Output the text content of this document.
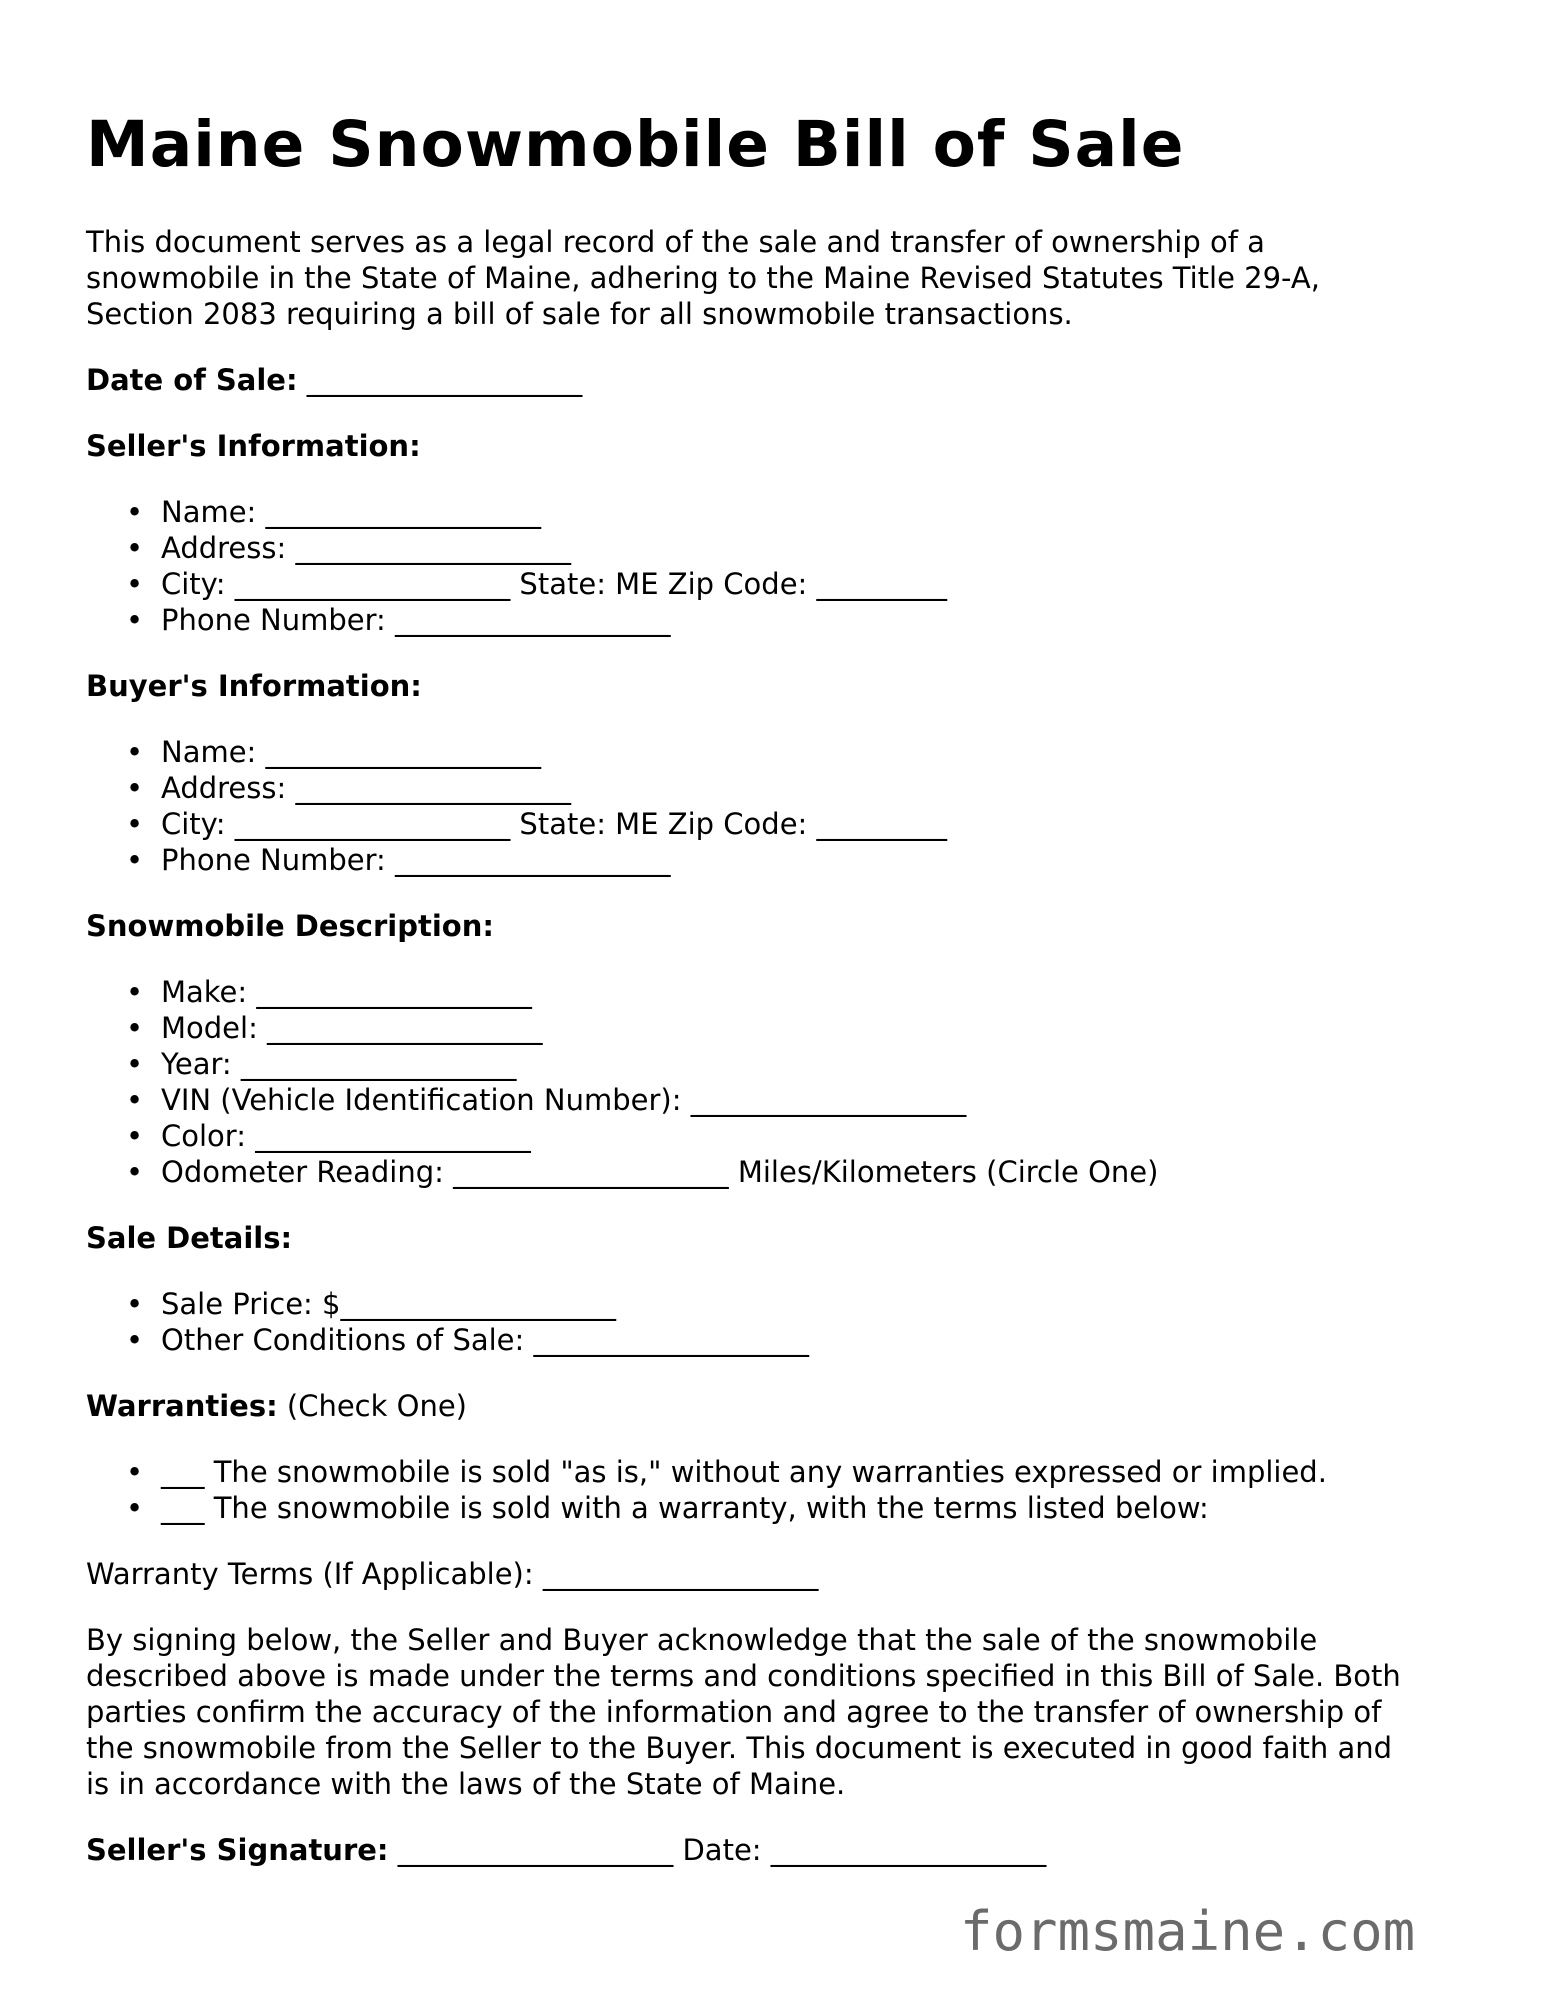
Maine Snowmobile Bill of Sale
This document serves as a legal record of the sale and transfer of ownership of a
snowmobile in the State of Maine, adhering to the Maine Revised Statutes Title 29-A,
Section 2083 requiring a bill of sale for all snowmobile transactions.
Date of Sale: ___________________
Seller's Information:
• Name: ___________________
• Address: ___________________
• City: ___________________ State: ME Zip Code: _________
• Phone Number: ___________________
Buyer's Information:
• Name: ___________________
• Address: ___________________
• City: ___________________ State: ME Zip Code: _________
• Phone Number: ___________________
Snowmobile Description:
• Make: ___________________
• Model: ___________________
• Year: ___________________
• VIN (Vehicle Identification Number): ___________________
• Color: ___________________
• Odometer Reading: ___________________ Miles/Kilometers (Circle One)
Sale Details:
• Sale Price: $___________________
• Other Conditions of Sale: ___________________
Warranties: (Check One)
• ___ The snowmobile is sold "as is," without any warranties expressed or implied.
• ___ The snowmobile is sold with a warranty, with the terms listed below:
Warranty Terms (If Applicable): ___________________
By signing below, the Seller and Buyer acknowledge that the sale of the snowmobile
described above is made under the terms and conditions specified in this Bill of Sale. Both
parties confirm the accuracy of the information and agree to the transfer of ownership of
the snowmobile from the Seller to the Buyer. This document is executed in good faith and
is in accordance with the laws of the State of Maine.
Seller's Signature: ___________________ Date: ___________________
formsmaine.com
